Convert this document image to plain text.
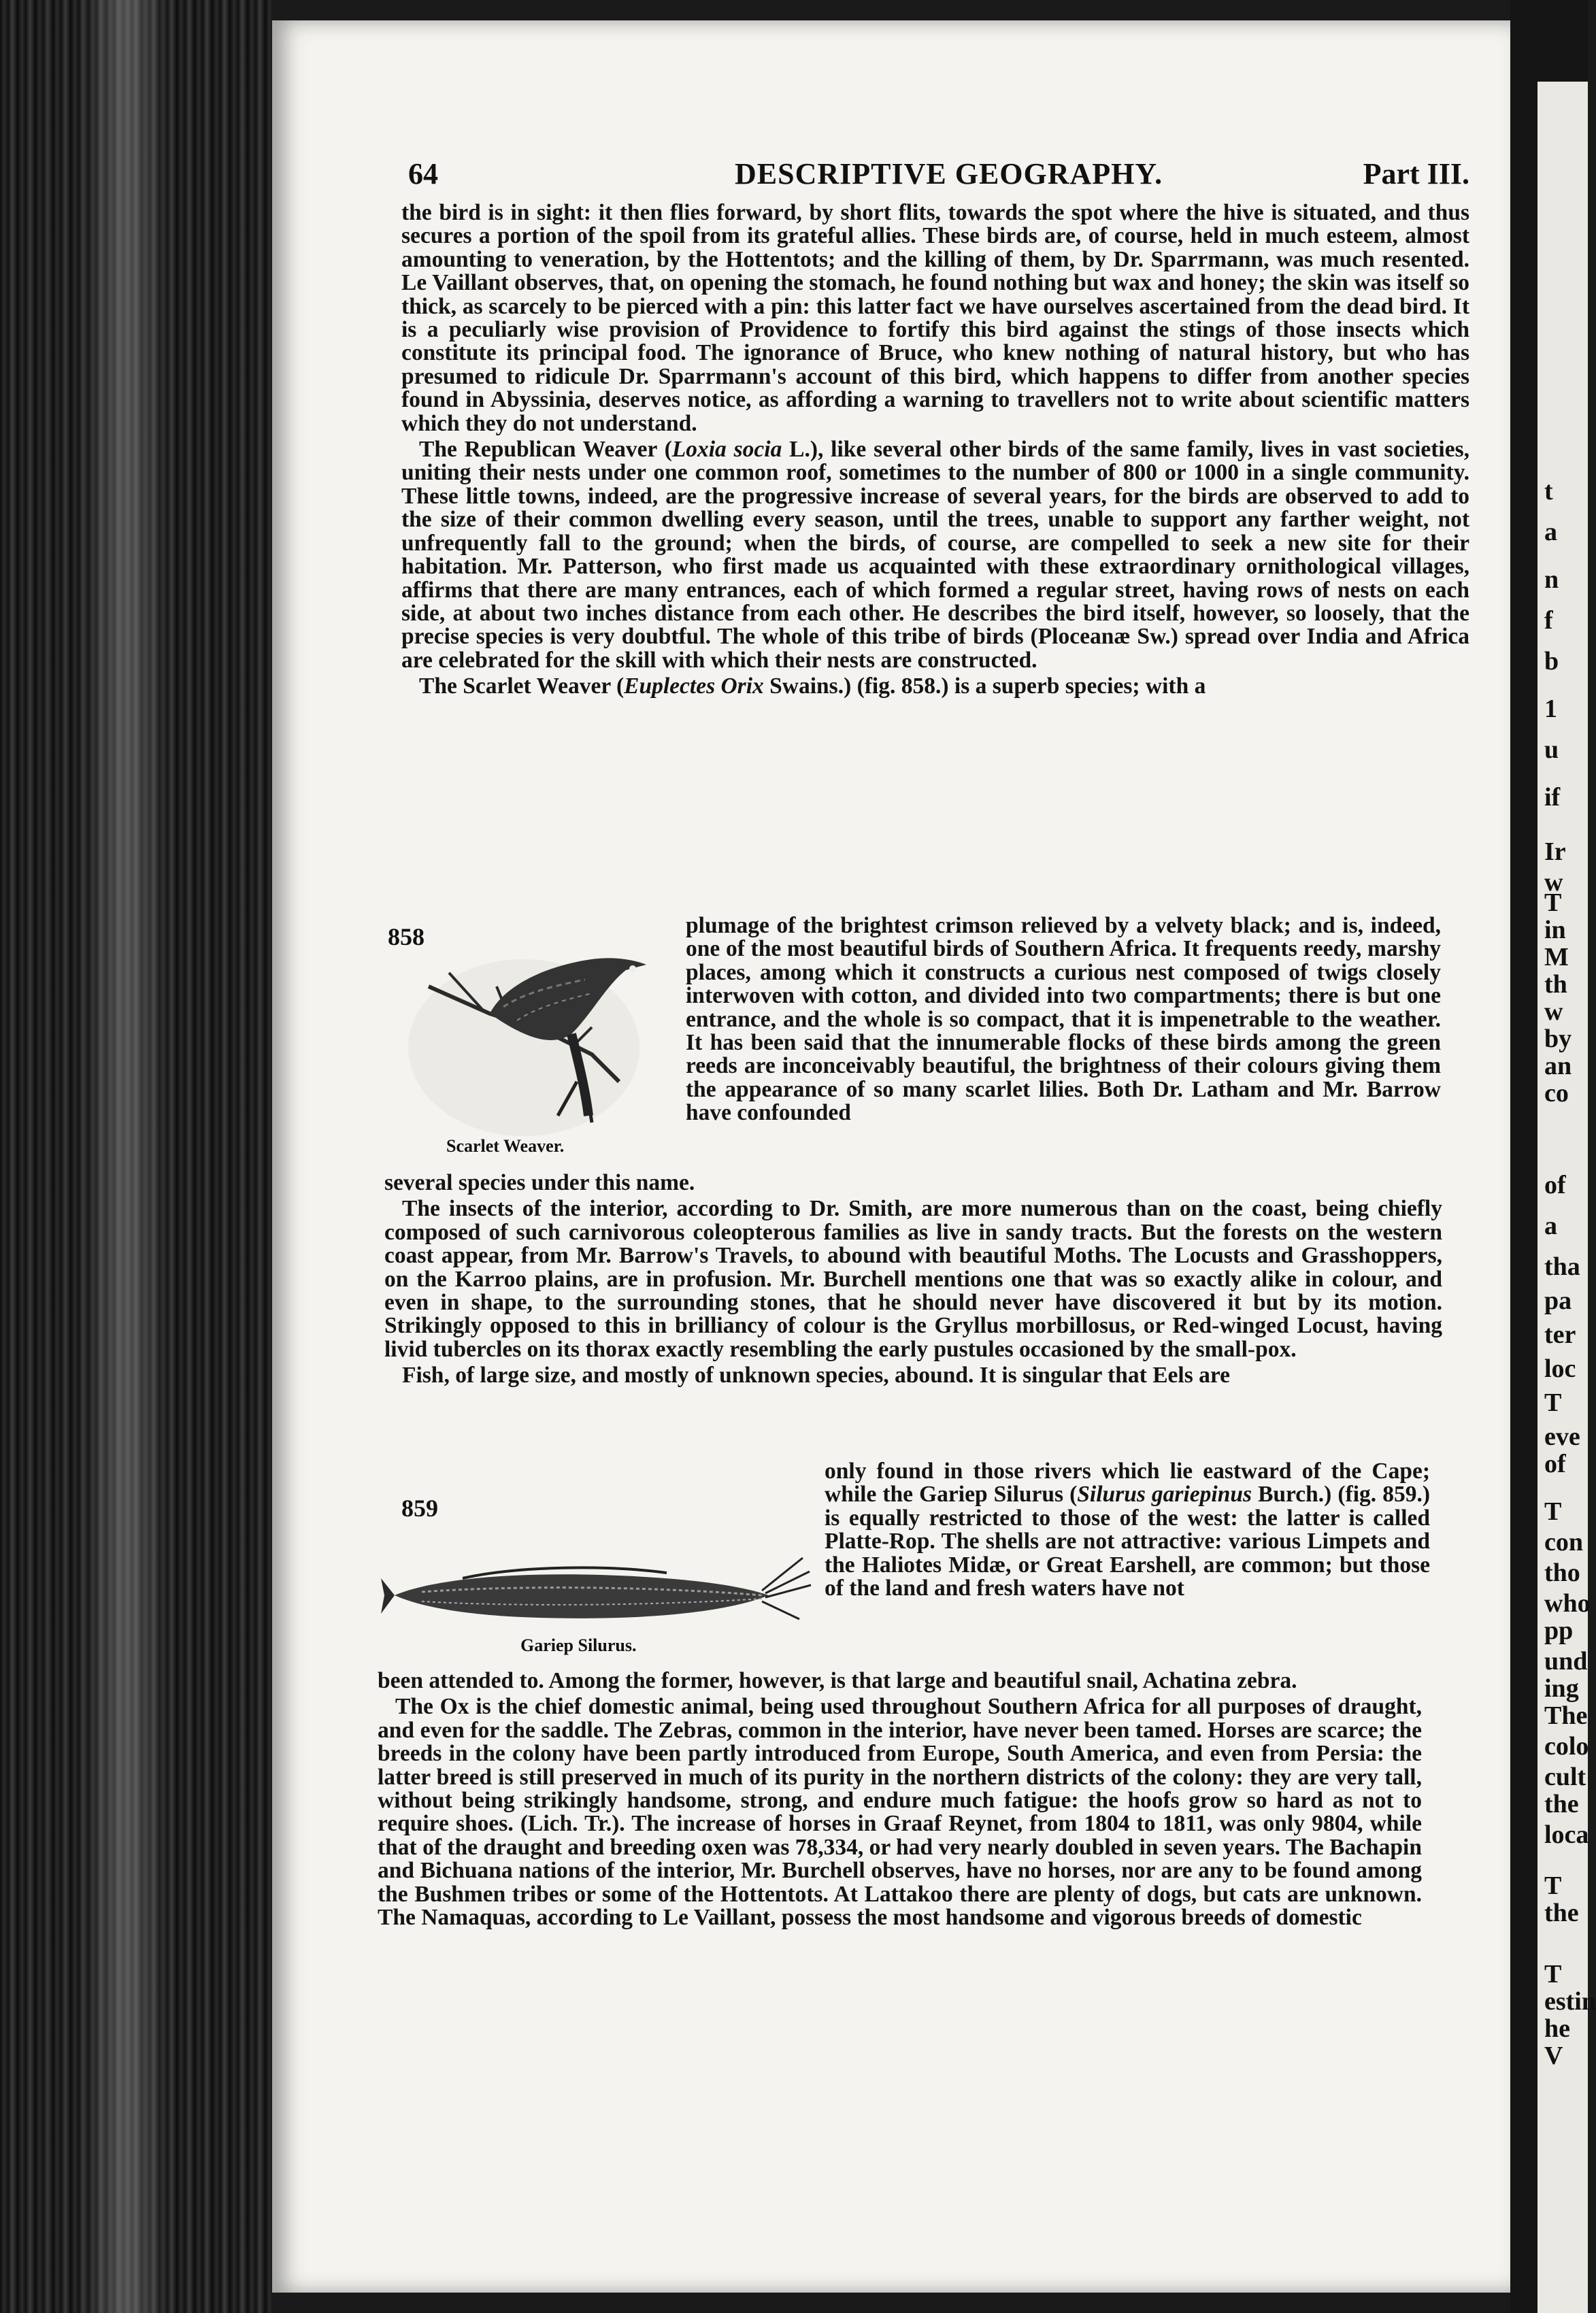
t
a
n
f
b
1
u
if
Ir
w
T
in
M
th
w
by
an
co
of
a
tha
pa
ter
loc
T
eve
of
T
con
tho
who
pp
und
ing
The
colo
cult
the
loca
T
the
T
estin
he
V
64	DESCRIPTIVE GEOGRAPHY.	Part III.

the bird is in sight: it then flies forward, by short flits, towards the spot where the hive is situated, and thus secures a portion of the spoil from its grateful allies. These birds are, of course, held in much esteem, almost amounting to veneration, by the Hottentots; and the killing of them, by Dr. Sparrmann, was much resented. Le Vaillant observes, that, on opening the stomach, he found nothing but wax and honey; the skin was itself so thick, as scarcely to be pierced with a pin: this latter fact we have ourselves ascertained from the dead bird. It is a peculiarly wise provision of Providence to fortify this bird against the stings of those insects which constitute its principal food. The ignorance of Bruce, who knew nothing of natural history, but who has presumed to ridicule Dr. Sparrmann's account of this bird, which happens to differ from another species found in Abyssinia, deserves notice, as affording a warning to travellers not to write about scientific matters which they do not understand.

The Republican Weaver (Loxia socia L.), like several other birds of the same family, lives in vast societies, uniting their nests under one common roof, sometimes to the number of 800 or 1000 in a single community. These little towns, indeed, are the progressive increase of several years, for the birds are observed to add to the size of their common dwelling every season, until the trees, unable to support any farther weight, not unfrequently fall to the ground; when the birds, of course, are compelled to seek a new site for their habitation. Mr. Patterson, who first made us acquainted with these extraordinary ornithological villages, affirms that there are many entrances, each of which formed a regular street, having rows of nests on each side, at about two inches distance from each other. He describes the bird itself, however, so loosely, that the precise species is very doubtful. The whole of this tribe of birds (Ploceanæ Sw.) spread over India and Africa are celebrated for the skill with which their nests are constructed.

The Scarlet Weaver (Euplectes Orix Swains.) (fig. 858.) is a superb species; with a

858
Scarlet Weaver.

plumage of the brightest crimson relieved by a velvety black; and is, indeed, one of the most beautiful birds of Southern Africa. It frequents reedy, marshy places, among which it constructs a curious nest composed of twigs closely interwoven with cotton, and divided into two compartments; there is but one entrance, and the whole is so compact, that it is impenetrable to the weather. It has been said that the innumerable flocks of these birds among the green reeds are inconceivably beautiful, the brightness of their colours giving them the appearance of so many scarlet lilies. Both Dr. Latham and Mr. Barrow have confounded

several species under this name.

The insects of the interior, according to Dr. Smith, are more numerous than on the coast, being chiefly composed of such carnivorous coleopterous families as live in sandy tracts. But the forests on the western coast appear, from Mr. Barrow's Travels, to abound with beautiful Moths. The Locusts and Grasshoppers, on the Karroo plains, are in profusion. Mr. Burchell mentions one that was so exactly alike in colour, and even in shape, to the surrounding stones, that he should never have discovered it but by its motion. Strikingly opposed to this in brilliancy of colour is the Gryllus morbillosus, or Red-winged Locust, having livid tubercles on its thorax exactly resembling the early pustules occasioned by the small-pox.

Fish, of large size, and mostly of unknown species, abound. It is singular that Eels are

859
Gariep Silurus.

only found in those rivers which lie eastward of the Cape; while the Gariep Silurus (Silurus gariepinus Burch.) (fig. 859.) is equally restricted to those of the west: the latter is called Platte-Rop. The shells are not attractive: various Limpets and the Haliotes Midæ, or Great Earshell, are common; but those of the land and fresh waters have not

been attended to. Among the former, however, is that large and beautiful snail, Achatina zebra.

The Ox is the chief domestic animal, being used throughout Southern Africa for all purposes of draught, and even for the saddle. The Zebras, common in the interior, have never been tamed. Horses are scarce; the breeds in the colony have been partly introduced from Europe, South America, and even from Persia: the latter breed is still preserved in much of its purity in the northern districts of the colony: they are very tall, without being strikingly handsome, strong, and endure much fatigue: the hoofs grow so hard as not to require shoes. (Lich. Tr.). The increase of horses in Graaf Reynet, from 1804 to 1811, was only 9804, while that of the draught and breeding oxen was 78,334, or had very nearly doubled in seven years. The Bachapin and Bichuana nations of the interior, Mr. Burchell observes, have no horses, nor are any to be found among the Bushmen tribes or some of the Hottentots. At Lattakoo there are plenty of dogs, but cats are unknown. The Namaquas, according to Le Vaillant, possess the most handsome and vigorous breeds of domestic
